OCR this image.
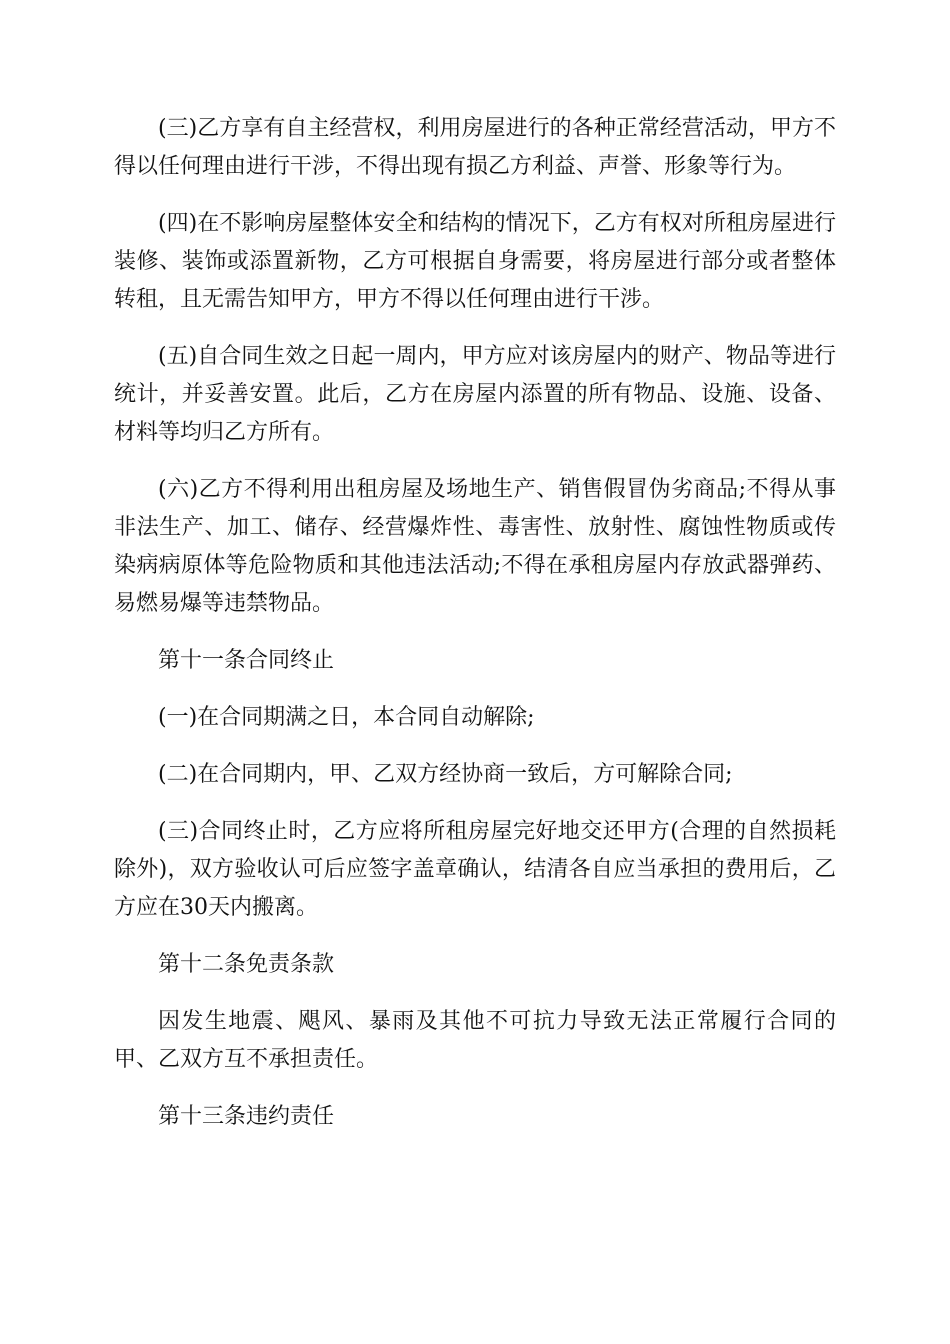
(三)乙方享有自主经营权，利用房屋进行的各种正常经营活动，甲方不得以任何理由进行干涉，不得出现有损乙方利益、声誉、形象等行为。

(四)在不影响房屋整体安全和结构的情况下，乙方有权对所租房屋进行装修、装饰或添置新物，乙方可根据自身需要，将房屋进行部分或者整体转租，且无需告知甲方，甲方不得以任何理由进行干涉。

(五)自合同生效之日起一周内，甲方应对该房屋内的财产、物品等进行统计，并妥善安置。此后，乙方在房屋内添置的所有物品、设施、设备、材料等均归乙方所有。

(六)乙方不得利用出租房屋及场地生产、销售假冒伪劣商品;不得从事非法生产、加工、储存、经营爆炸性、毒害性、放射性、腐蚀性物质或传染病病原体等危险物质和其他违法活动;不得在承租房屋内存放武器弹药、易燃易爆等违禁物品。

第十一条合同终止

(一)在合同期满之日，本合同自动解除;

(二)在合同期内，甲、乙双方经协商一致后，方可解除合同;

(三)合同终止时，乙方应将所租房屋完好地交还甲方(合理的自然损耗除外)，双方验收认可后应签字盖章确认，结清各自应当承担的费用后，乙方应在30天内搬离。

第十二条免责条款

因发生地震、飓风、暴雨及其他不可抗力导致无法正常履行合同的甲、乙双方互不承担责任。

第十三条违约责任
